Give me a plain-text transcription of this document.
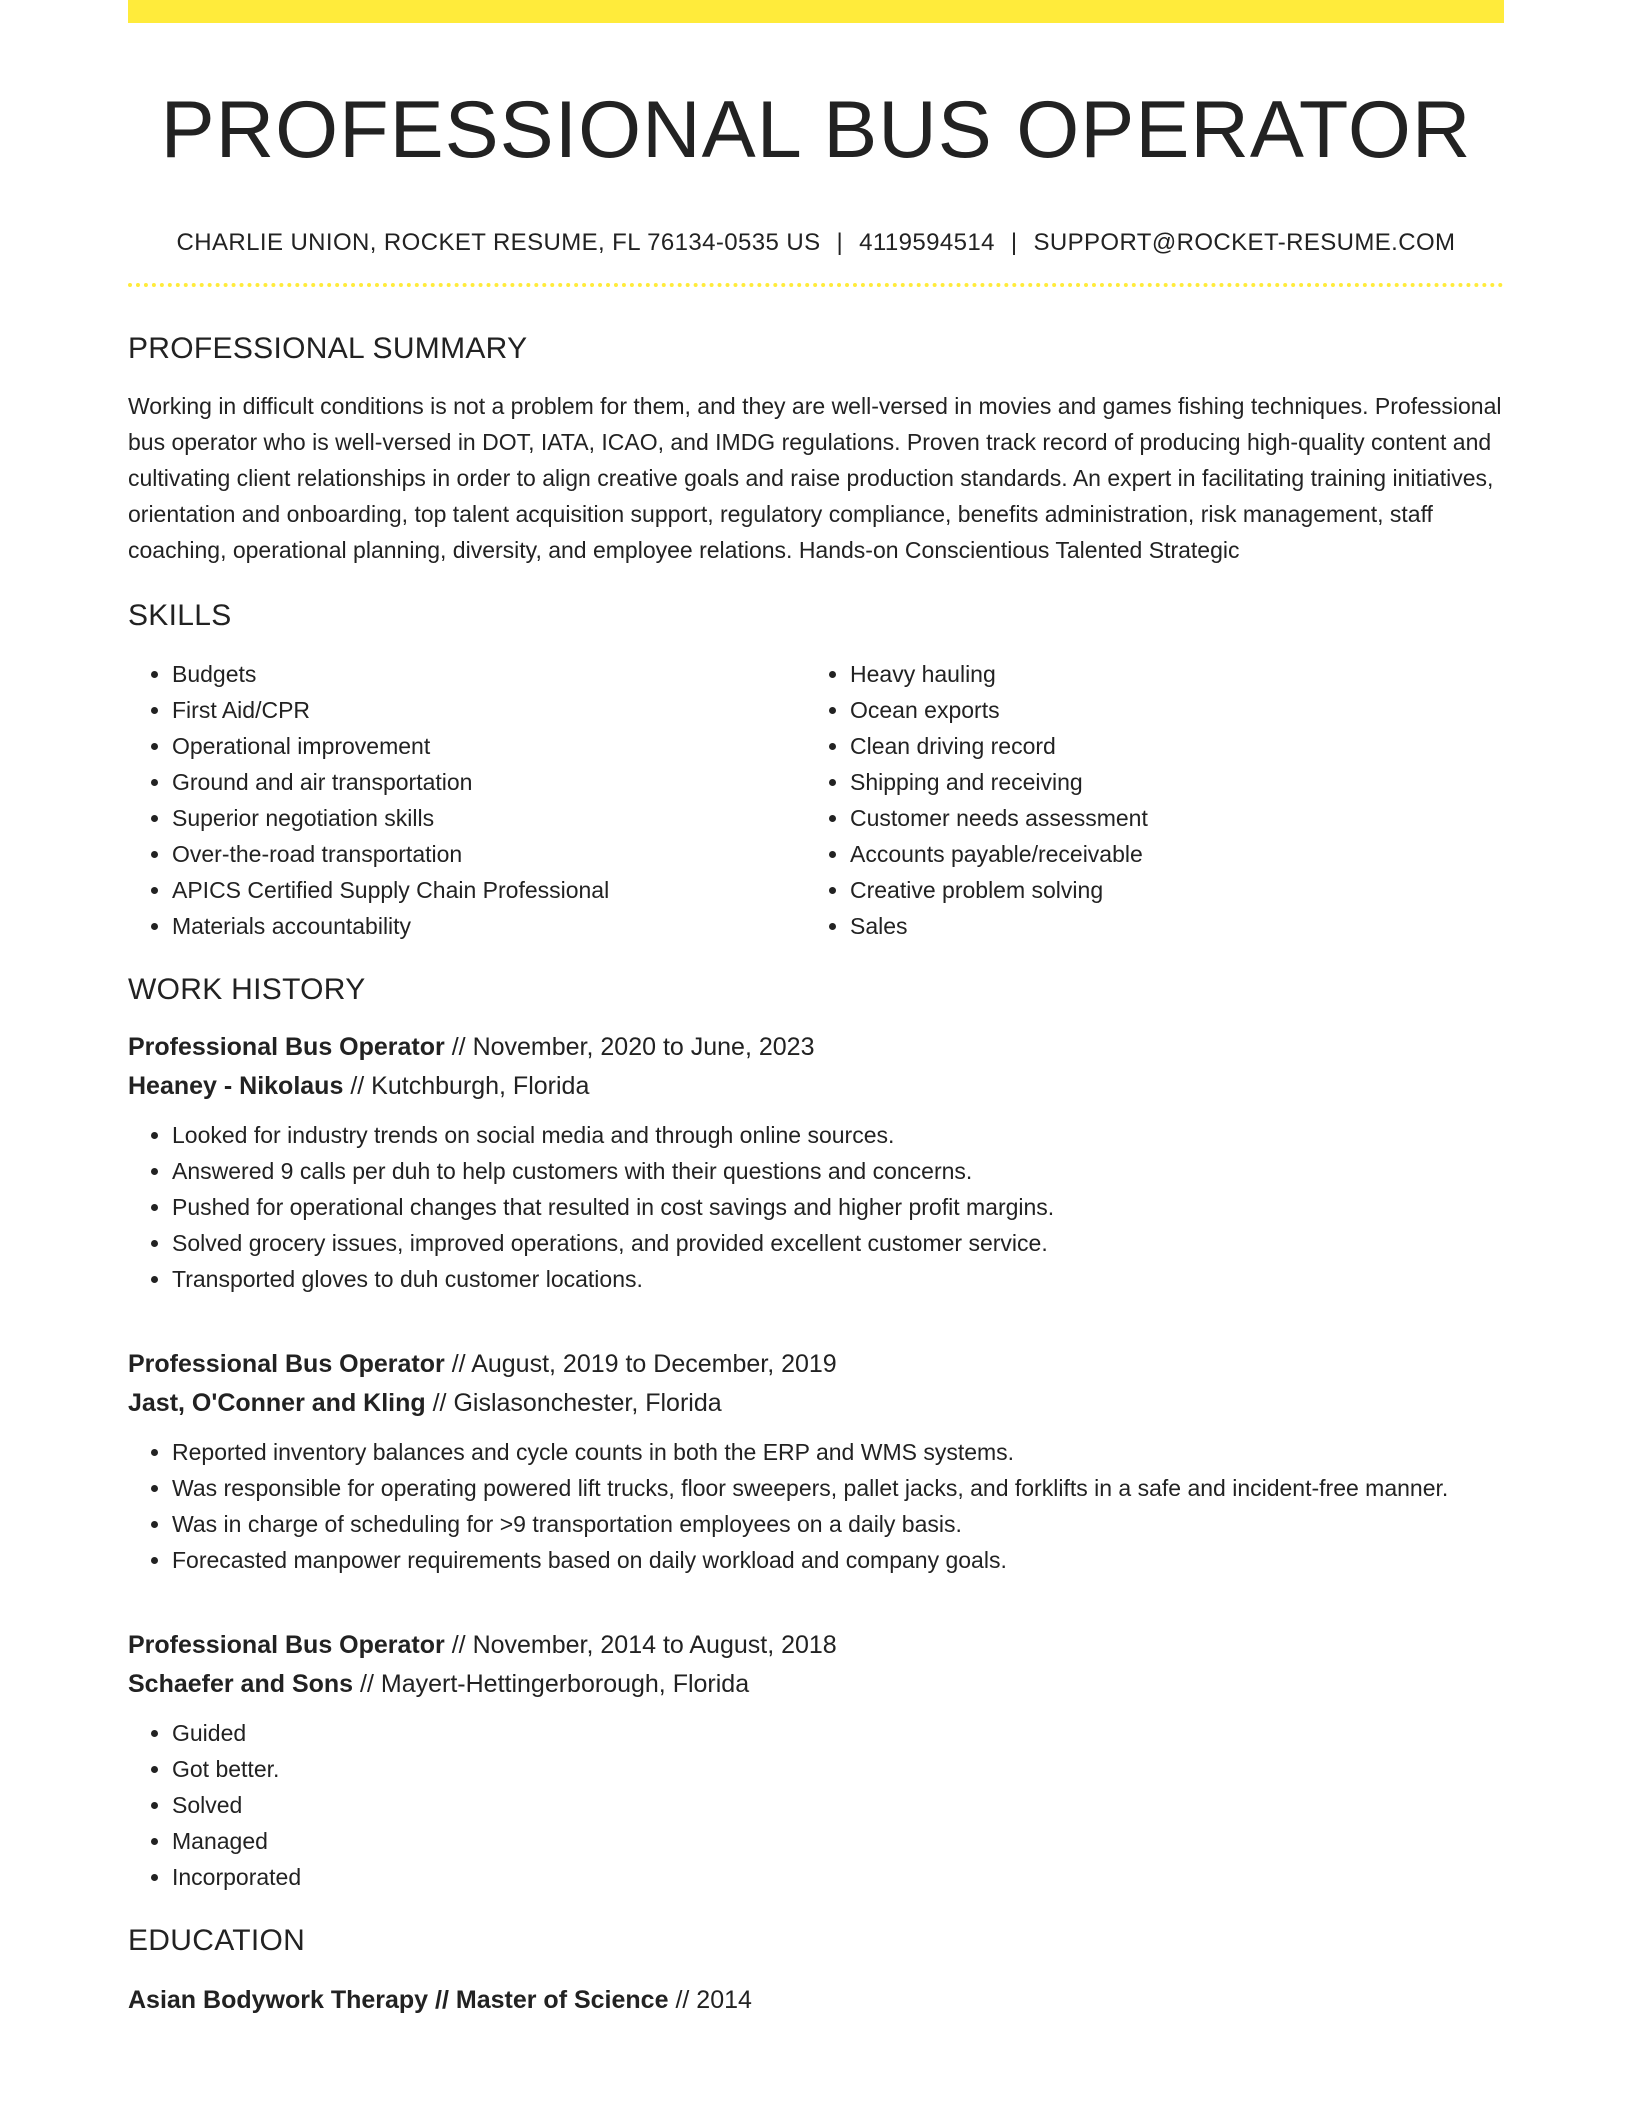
PROFESSIONAL BUS OPERATOR
CHARLIE UNION, ROCKET RESUME, FL 76134-0535 US | 4119594514 | SUPPORT@ROCKET-RESUME.COM
PROFESSIONAL SUMMARY
Working in difficult conditions is not a problem for them, and they are well-versed in movies and games fishing techniques. Professional bus operator who is well-versed in DOT, IATA, ICAO, and IMDG regulations. Proven track record of producing high-quality content and cultivating client relationships in order to align creative goals and raise production standards. An expert in facilitating training initiatives, orientation and onboarding, top talent acquisition support, regulatory compliance, benefits administration, risk management, staff coaching, operational planning, diversity, and employee relations. Hands-on Conscientious Talented Strategic
SKILLS
• Budgets
• First Aid/CPR
• Operational improvement
• Ground and air transportation
• Superior negotiation skills
• Over-the-road transportation
• APICS Certified Supply Chain Professional
• Materials accountability
• Heavy hauling
• Ocean exports
• Clean driving record
• Shipping and receiving
• Customer needs assessment
• Accounts payable/receivable
• Creative problem solving
• Sales
WORK HISTORY
Professional Bus Operator // November, 2020 to June, 2023
Heaney - Nikolaus // Kutchburgh, Florida
• Looked for industry trends on social media and through online sources.
• Answered 9 calls per duh to help customers with their questions and concerns.
• Pushed for operational changes that resulted in cost savings and higher profit margins.
• Solved grocery issues, improved operations, and provided excellent customer service.
• Transported gloves to duh customer locations.
Professional Bus Operator // August, 2019 to December, 2019
Jast, O'Conner and Kling // Gislasonchester, Florida
• Reported inventory balances and cycle counts in both the ERP and WMS systems.
• Was responsible for operating powered lift trucks, floor sweepers, pallet jacks, and forklifts in a safe and incident-free manner.
• Was in charge of scheduling for >9 transportation employees on a daily basis.
• Forecasted manpower requirements based on daily workload and company goals.
Professional Bus Operator // November, 2014 to August, 2018
Schaefer and Sons // Mayert-Hettingerborough, Florida
• Guided
• Got better.
• Solved
• Managed
• Incorporated
EDUCATION
Asian Bodywork Therapy // Master of Science // 2014
